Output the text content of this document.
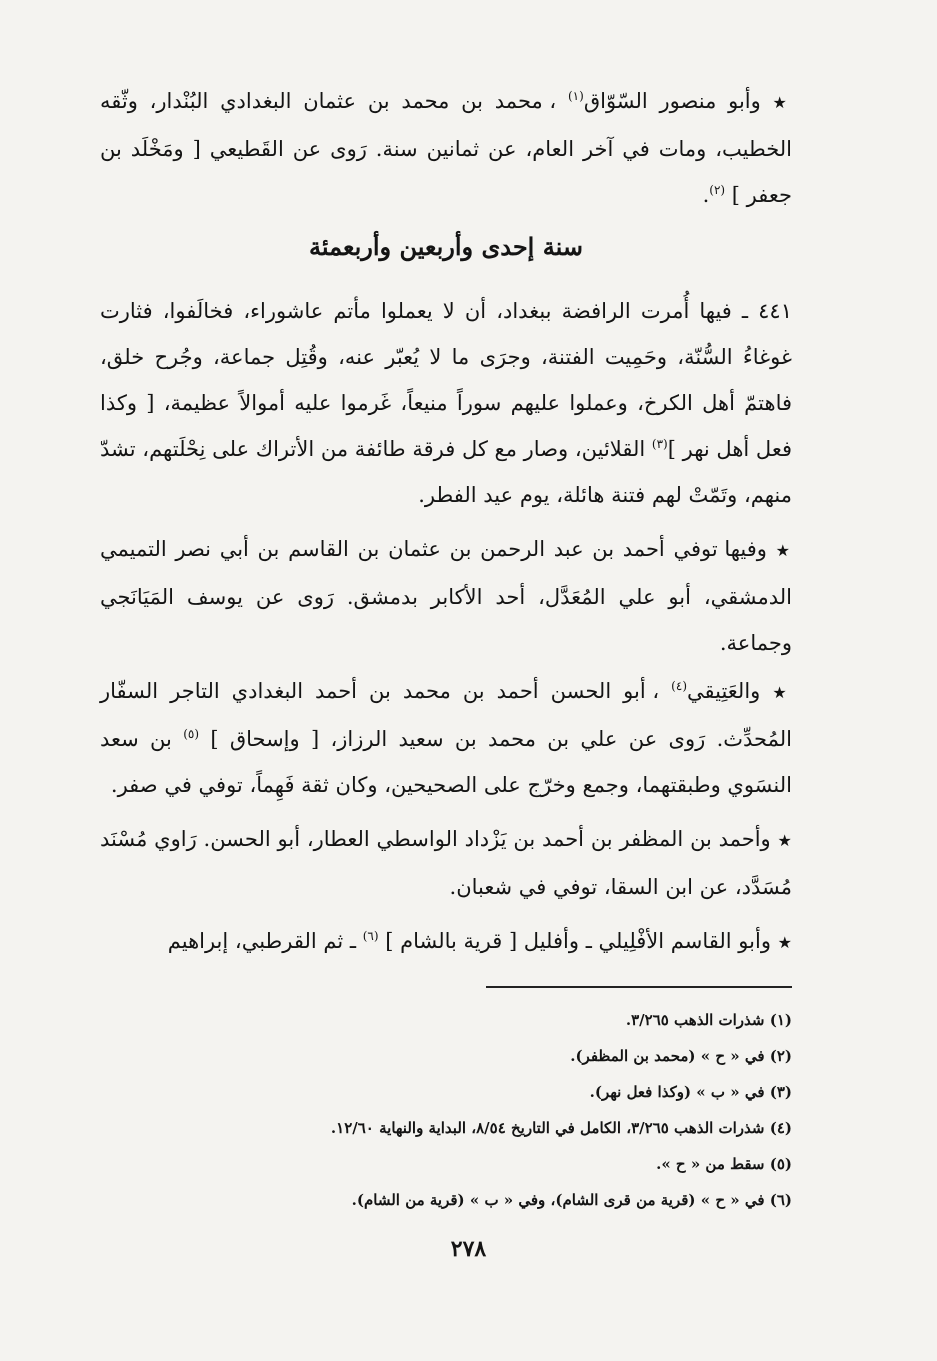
★ وأبو منصور السّوّاق$^{(١)}$ ، محمد بن محمد بن عثمان البغدادي البُنْدار، وثّقه الخطيب، ومات في آخر العام، عن ثمانين سنة. رَوى عن القَطيعي [ ومَخْلَد بن جعفر ] $^{(٢)}$.
سنة إحدى وأربعين وأربعمئة
٤٤١ ـ فيها أُمرت الرافضة ببغداد، أن لا يعملوا مأتم عاشوراء، فخالَفوا، فثارت غوغاءُ السُّنّة، وحَمِيت الفتنة، وجرَى ما لا يُعبّر عنه، وقُتِل جماعة، وجُرح خلق، فاهتمّ أهل الكرخ، وعملوا عليهم سوراً منيعاً، غَرموا عليه أموالاً عظيمة، [ وكذا فعل أهل نهر ]$^{(٣)}$ القلائين، وصار مع كل فرقة طائفة من الأتراك على نِحْلَتهم، تشدّ منهم، وتَمّتْ لهم فتنة هائلة، يوم عيد الفطر.
★ وفيها توفي أحمد بن عبد الرحمن بن عثمان بن القاسم بن أبي نصر التميمي الدمشقي، أبو علي المُعَدَّل، أحد الأكابر بدمشق. رَوى عن يوسف المَيَانَجي وجماعة.
★ والعَتِيقي$^{(٤)}$ ، أبو الحسن أحمد بن محمد بن أحمد البغدادي التاجر السفّار المُحدِّث. رَوى عن علي بن محمد بن سعيد الرزاز، [ وإسحاق ] $^{(٥)}$ بن سعد النسَوي وطبقتهما، وجمع وخرّج على الصحيحين، وكان ثقة فَهِماً، توفي في صفر.
★ وأحمد بن المظفر بن أحمد بن يَزْداد الواسطي العطار، أبو الحسن. رَاوي مُسْنَد مُسَدَّد، عن ابن السقا، توفي في شعبان.
★ وأبو القاسم الأفْلِيلي ـ وأفليل [ قرية بالشام ] $^{(٦)}$ ـ ثم القرطبي، إبراهيم
(١) شذرات الذهب ٣/٢٦٥.
(٢) في « ح » (محمد بن المظفر).
(٣) في « ب » (وكذا فعل نهر).
(٤) شذرات الذهب ٣/٢٦٥، الكامل في التاريخ ٨/٥٤، البداية والنهاية ١٢/٦٠.
(٥) سقط من « ح ».
(٦) في « ح » (قرية من قرى الشام)، وفي « ب » (قرية من الشام).
٢٧٨
